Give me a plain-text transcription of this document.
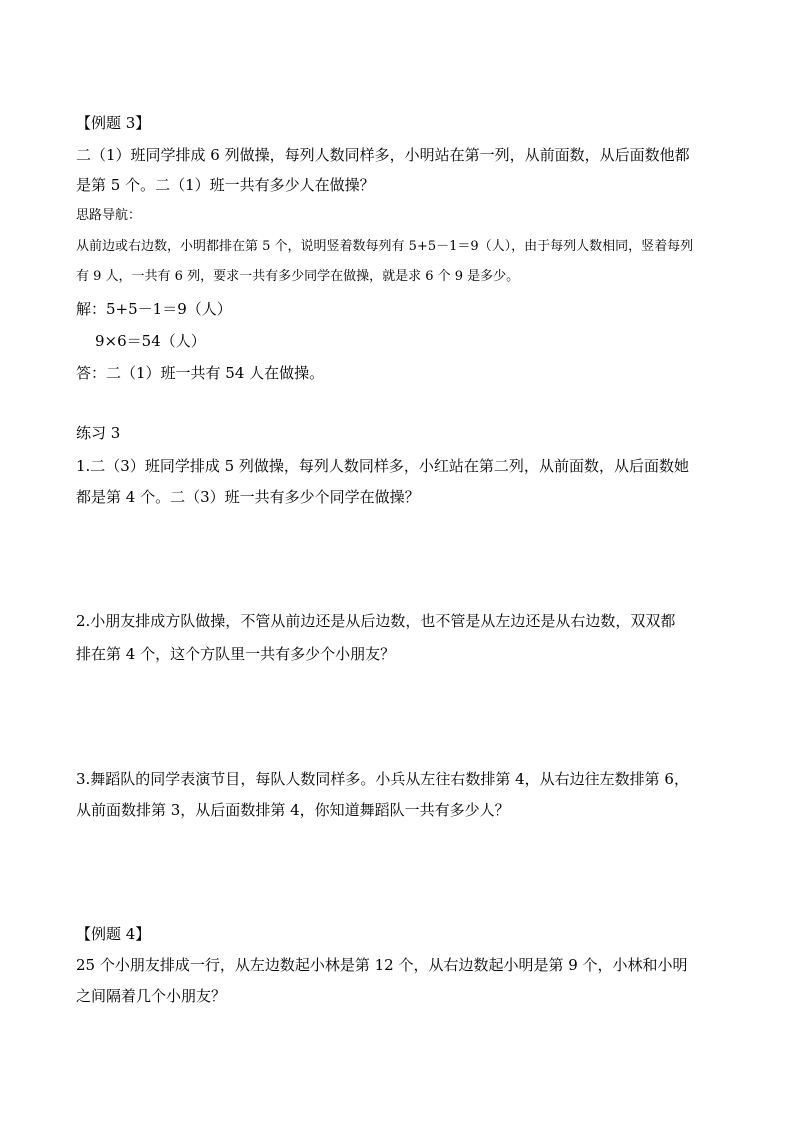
【例题 3】
二（1）班同学排成 6 列做操，每列人数同样多，小明站在第一列，从前面数，从后面数他都
是第 5 个。二（1）班一共有多少人在做操？
思路导航：
从前边或右边数，小明都排在第 5 个，说明竖着数每列有 5+5－1＝9（人），由于每列人数相同，竖着每列
有 9 人，一共有 6 列，要求一共有多少同学在做操，就是求 6 个 9 是多少。
解：5+5－1＝9（人）
9×6＝54（人）
答：二（1）班一共有 54 人在做操。
练习 3
1.二（3）班同学排成 5 列做操，每列人数同样多，小红站在第二列，从前面数，从后面数她
都是第 4 个。二（3）班一共有多少个同学在做操？
2.小朋友排成方队做操，不管从前边还是从后边数，也不管是从左边还是从右边数，双双都
排在第 4 个，这个方队里一共有多少个小朋友？
3.舞蹈队的同学表演节目，每队人数同样多。小兵从左往右数排第 4，从右边往左数排第 6，
从前面数排第 3，从后面数排第 4，你知道舞蹈队一共有多少人？
【例题 4】
25 个小朋友排成一行，从左边数起小林是第 12 个，从右边数起小明是第 9 个，小林和小明
之间隔着几个小朋友？
